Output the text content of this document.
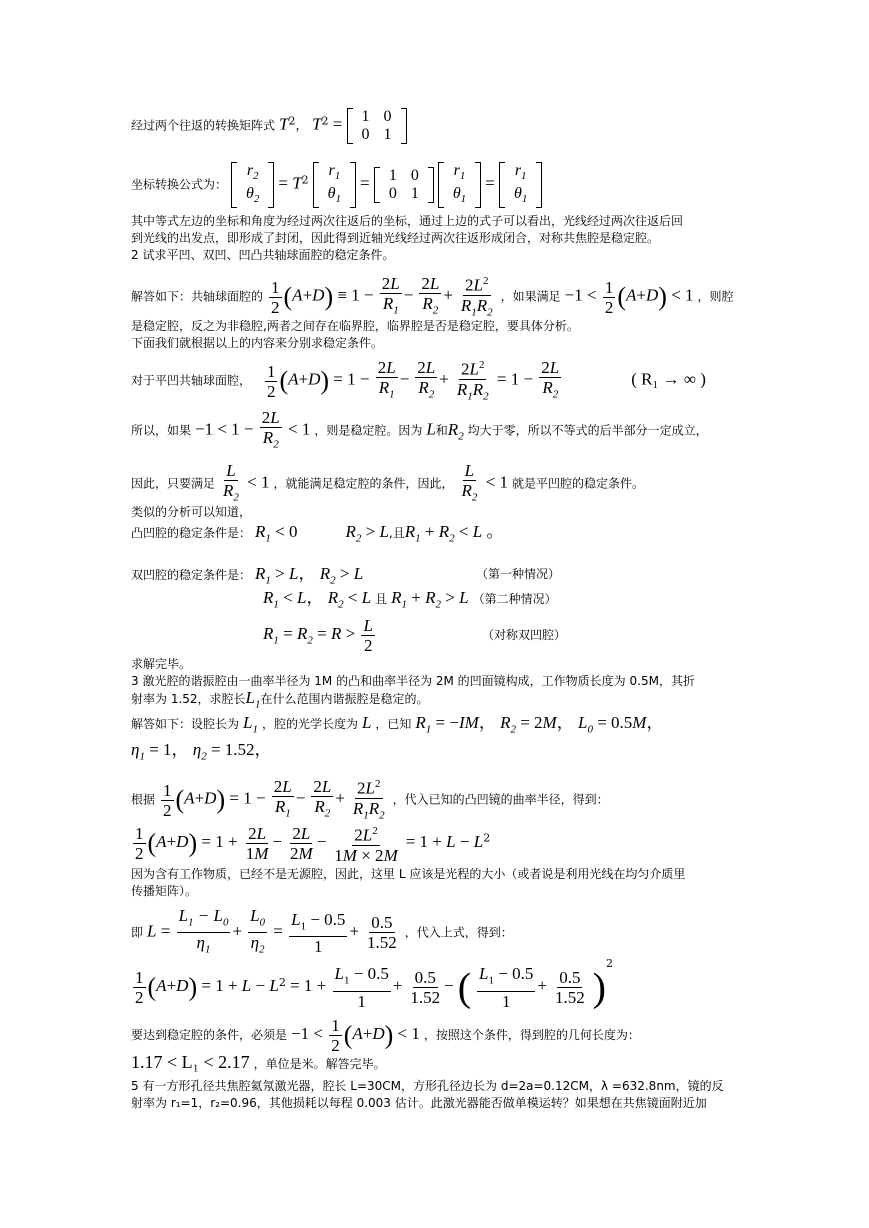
经过两个往返的转换矩阵式 $T^2$， $T^2 = 1$	0
0	1
坐标转换公式为：
$r_2$
$\theta_2$
= $T^2$
$r_1$
$\theta_1$
= 1	0
0	1

$r_1$
$\theta_1$
=
$r_1$
$\theta_1$
其中等式左边的坐标和角度为经过两次往返后的坐标，通过上边的式子可以看出，光线经过两次往返后回
到光线的出发点，即形成了封闭，因此得到近轴光线经过两次往返形成闭合，对称共焦腔是稳定腔。
2 试求平凹、双凹、凹凸共轴球面腔的稳定条件。
解答如下：共轴球面腔的 $\frac{1}{2} (A+D) \equiv 1 - \frac{2L}{R_1} - \frac{2L}{R_2} + \frac{2L^2}{R_1R_2}$ ，如果满足 $-1 < \frac{1}{2} (A+D) < 1$ ，则腔
是稳定腔，反之为非稳腔,两者之间存在临界腔，临界腔是否是稳定腔，要具体分析。
下面我们就根据以上的内容来分别求稳定条件。
对于平凹共轴球面腔， $\frac{1}{2} (A+D) = 1 - \frac{2L}{R_1} - \frac{2L}{R_2} + \frac{2L^2}{R_1R_2} = 1 - \frac{2L}{R_2}$	( R₁ → ∞ )
所以，如果 $-1 < 1 - \frac{2L}{R_2} < 1$ ，则是稳定腔。因为 L和$R_2$ 均大于零，所以不等式的后半部分一定成立，
因此，只要满足 $\frac{L}{R_2} < 1$ ，就能满足稳定腔的条件，因此， $\frac{L}{R_2} < 1$ 就是平凹腔的稳定条件。
类似的分析可以知道，
凸凹腔的稳定条件是： $R_1 < 0$	$R_2 > L$,且$R_1 + R_2 < L$ 。
双凹腔的稳定条件是： $R_1 > L$， $R_2 > L$	（第一种情况）
$R_1 < L$， $R_2 < L$ 且 $R_1 + R_2 > L$ （第二种情况）
$R_1 = R_2 = R > \frac{L}{2}$	（对称双凹腔）
求解完毕。
3 激光腔的谐振腔由一曲率半径为 1M 的凸和曲率半径为 2M 的凹面镜构成，工作物质长度为 0.5M，其折
射率为 1.52，求腔长$L_1$在什么范围内谐振腔是稳定的。
解答如下：设腔长为 $L_1$ ，腔的光学长度为 L ，已知 $R_1 = -IM$， $R_2 = 2M$， $L_0 = 0.5M$，
$\eta_1 = 1$， $\eta_2 = 1.52$，
根据 $\frac{1}{2} (A+D) = 1 - \frac{2L}{R_1} - \frac{2L}{R_2} + \frac{2L^2}{R_1R_2}$ ，代入已知的凸凹镜的曲率半径，得到：
$\frac{1}{2} (A+D) = 1 + \frac{2L}{1M} - \frac{2L}{2M} - \frac{2L^2}{1M \times 2M} = 1 + L - L^2$
因为含有工作物质，已经不是无源腔，因此，这里 L 应该是光程的大小（或者说是利用光线在均匀介质里
传播矩阵）。
即 $L = \frac{L_1 - L_0}{\eta_1} + \frac{L_0}{\eta_2} = \frac{L_1 - 0.5}{1} + \frac{0.5}{1.52}$ ，代入上式，得到：
$\frac{1}{2} (A+D) = 1 + L - L^2 = 1 + \frac{L_1 - 0.5}{1} + \frac{0.5}{1.52}$ − ( $\frac{L_1 - 0.5}{1} + \frac{0.5}{1.52} )^2$
要达到稳定腔的条件，必须是 $-1 < \frac{1}{2} (A+D) < 1$ ，按照这个条件，得到腔的几何长度为：
1.17 < L₁ < 2.17 ，单位是米。解答完毕。
5 有一方形孔径共焦腔氦氖激光器，腔长 L=30CM，方形孔径边长为 d=2a=0.12CM，λ =632.8nm，镜的反
射率为 r₁=1，r₂=0.96，其他损耗以每程 0.003 估计。此激光器能否做单模运转？如果想在共焦镜面附近加
